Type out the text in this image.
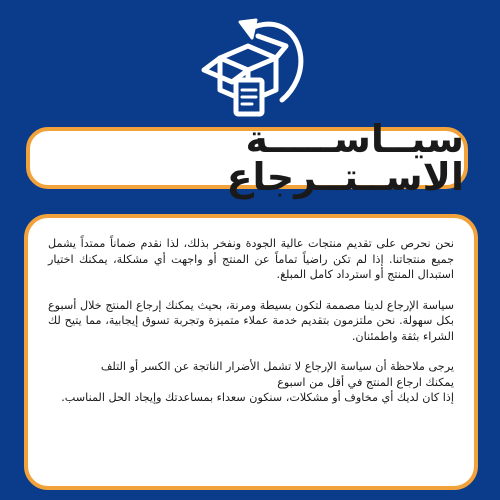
سيــاســـــة الاســتــرجاع

نحن نحرص على تقديم منتجات عالية الجودة ونفخر بذلك، لذا نقدم ضماناً ممتداً يشمل جميع منتجاتنا. إذا لم تكن راضياً تماماً عن المنتج أو واجهت أي مشكلة، يمكنك اختيار استبدال المنتج أو استرداد كامل المبلغ.

سياسة الإرجاع لدينا مصممة لتكون بسيطة ومرنة، بحيث يمكنك إرجاع المنتج خلال أسبوع بكل سهولة. نحن ملتزمون بتقديم خدمة عملاء متميزة وتجربة تسوق إيجابية، مما يتيح لك الشراء بثقة واطمئنان.

يرجى ملاحظة أن سياسة الإرجاع لا تشمل الأضرار الناتجة عن الكسر أو التلف
يمكنك ارجاع المنتج في أقل من اسبوع
إذا كان لديك أي مخاوف أو مشكلات، سنكون سعداء بمساعدتك وإيجاد الحل المناسب.
